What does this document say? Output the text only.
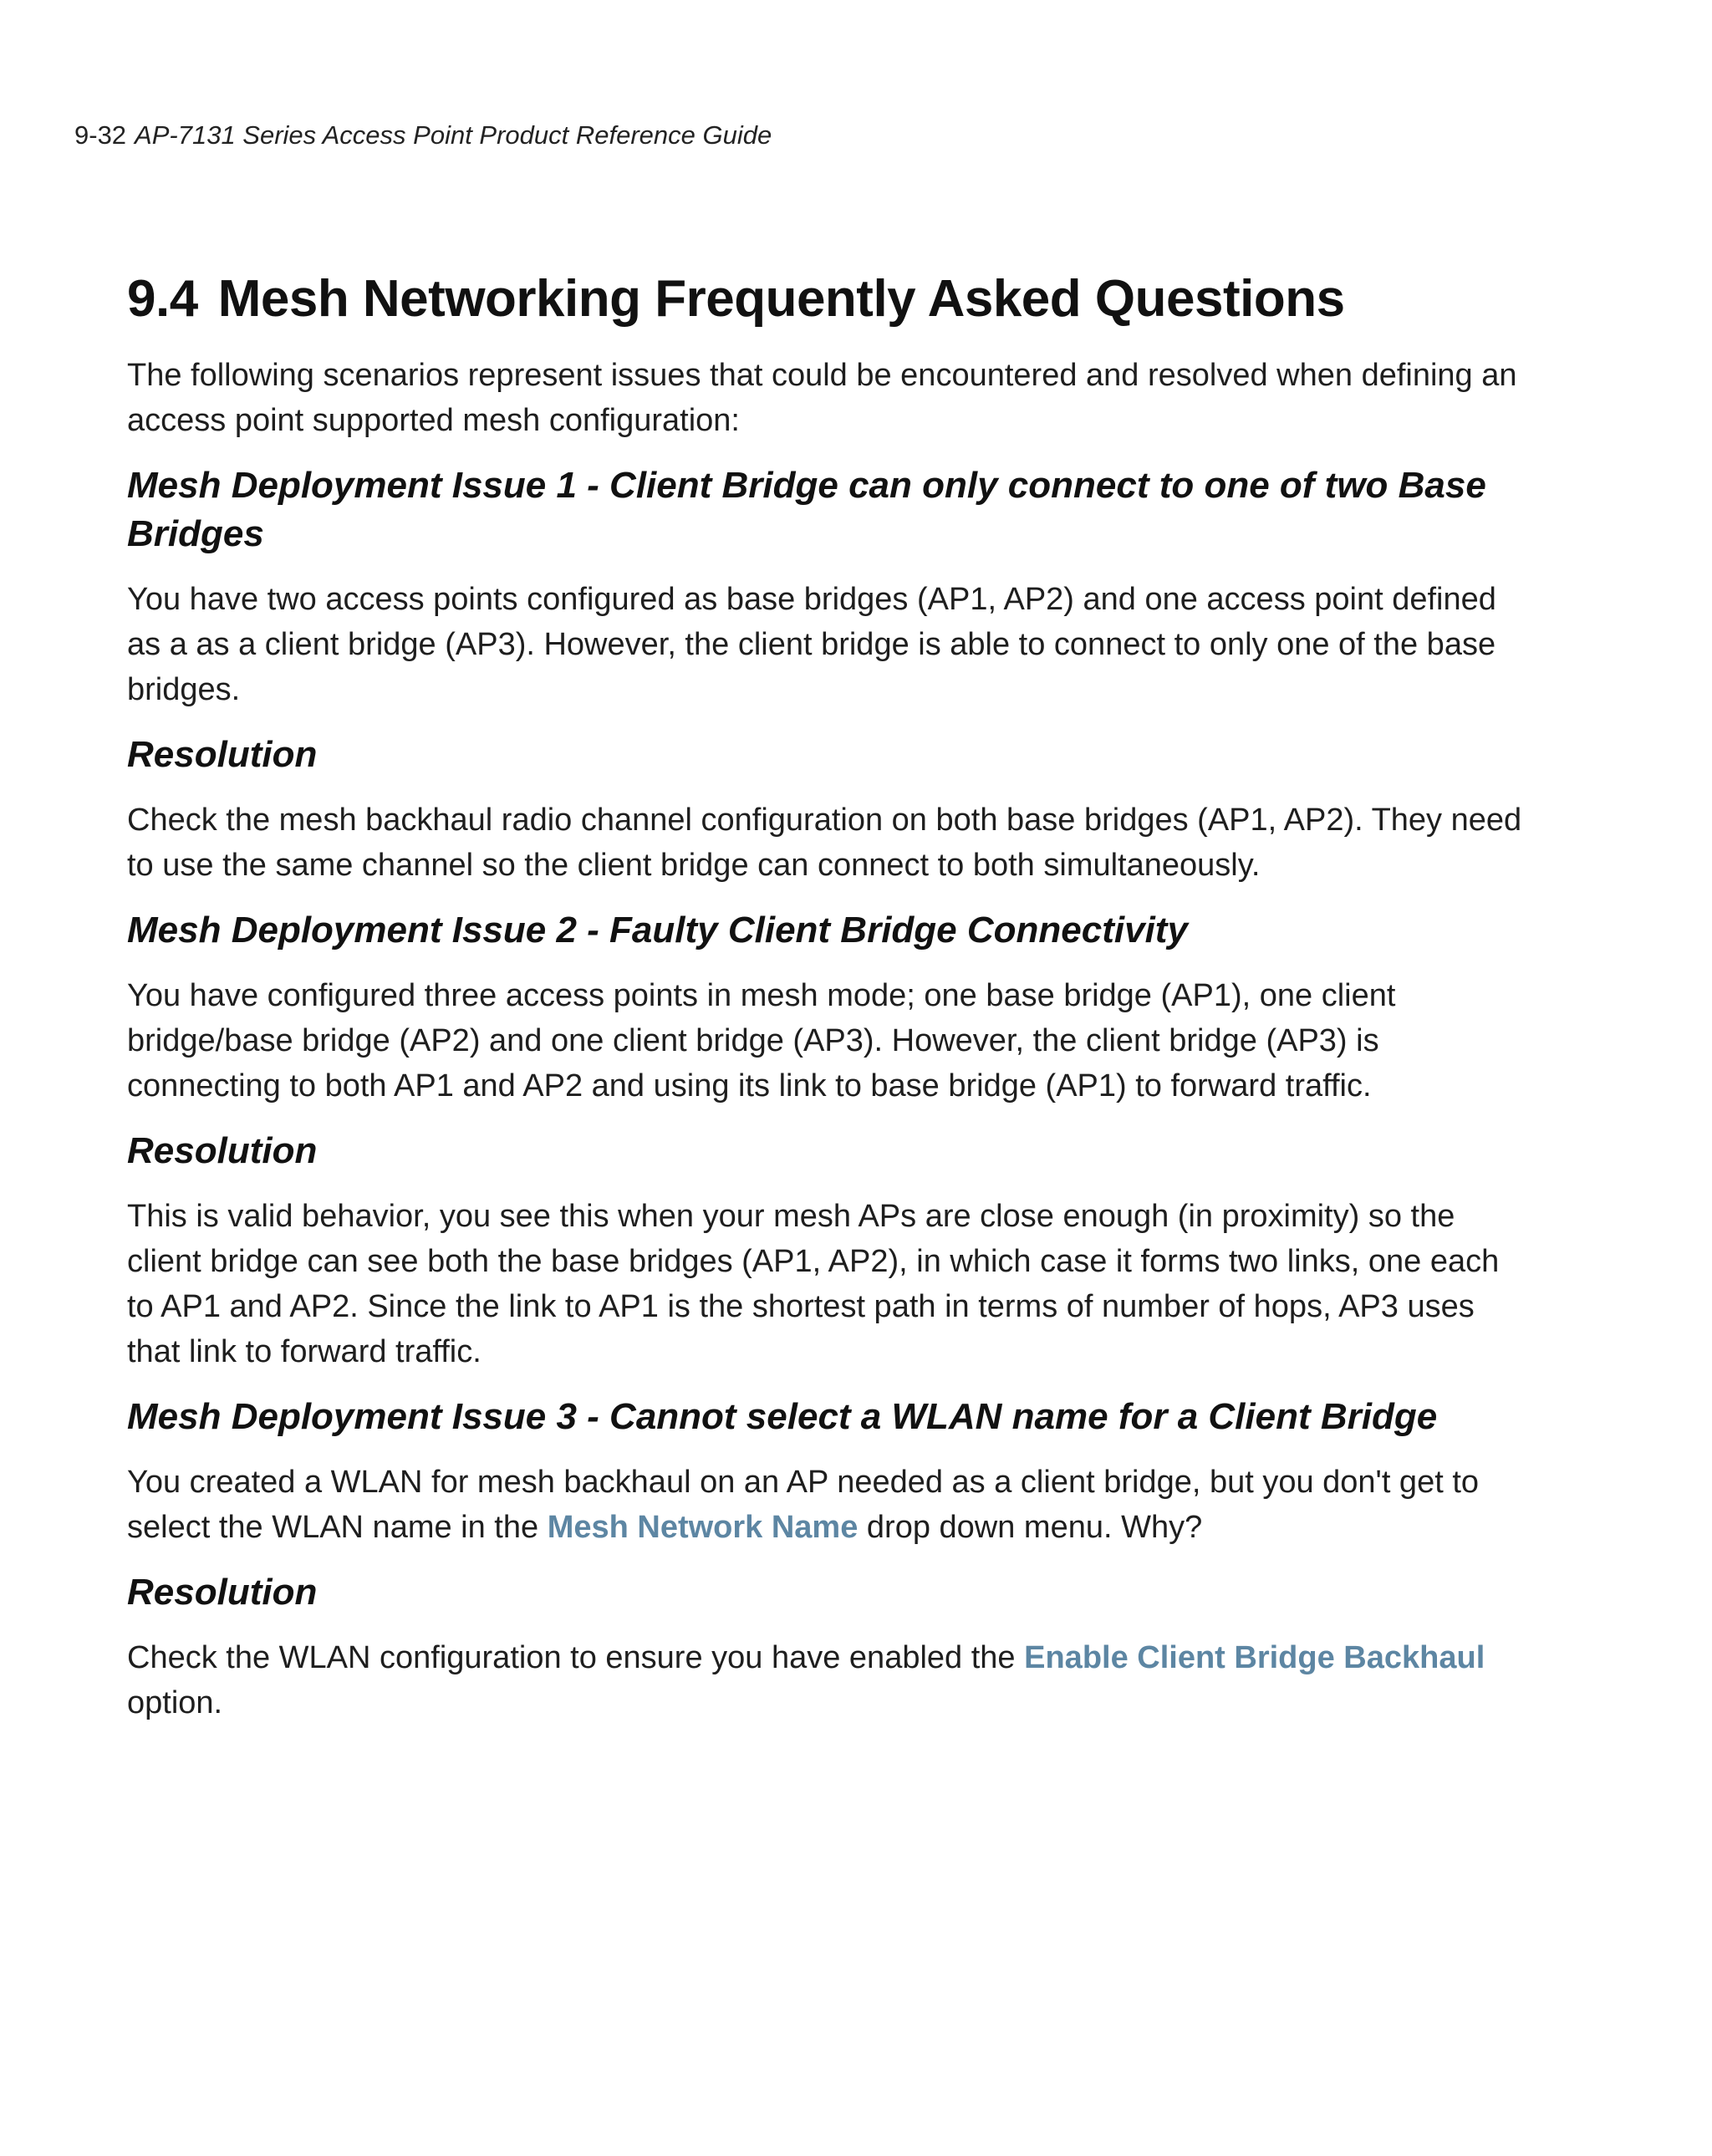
9-32 AP-7131 Series Access Point Product Reference Guide
9.4 Mesh Networking Frequently Asked Questions

The following scenarios represent issues that could be encountered and resolved when defining an access point supported mesh configuration:

Mesh Deployment Issue 1 - Client Bridge can only connect to one of two Base Bridges

You have two access points configured as base bridges (AP1, AP2) and one access point defined as a as a client bridge (AP3). However, the client bridge is able to connect to only one of the base bridges.

Resolution

Check the mesh backhaul radio channel configuration on both base bridges (AP1, AP2). They need to use the same channel so the client bridge can connect to both simultaneously.

Mesh Deployment Issue 2 - Faulty Client Bridge Connectivity

You have configured three access points in mesh mode; one base bridge (AP1), one client bridge/base bridge (AP2) and one client bridge (AP3). However, the client bridge (AP3) is connecting to both AP1 and AP2 and using its link to base bridge (AP1) to forward traffic.

Resolution

This is valid behavior, you see this when your mesh APs are close enough (in proximity) so the client bridge can see both the base bridges (AP1, AP2), in which case it forms two links, one each to AP1 and AP2. Since the link to AP1 is the shortest path in terms of number of hops, AP3 uses that link to forward traffic.

Mesh Deployment Issue 3 - Cannot select a WLAN name for a Client Bridge

You created a WLAN for mesh backhaul on an AP needed as a client bridge, but you don't get to select the WLAN name in the Mesh Network Name drop down menu. Why?

Resolution

Check the WLAN configuration to ensure you have enabled the Enable Client Bridge Backhaul option.
